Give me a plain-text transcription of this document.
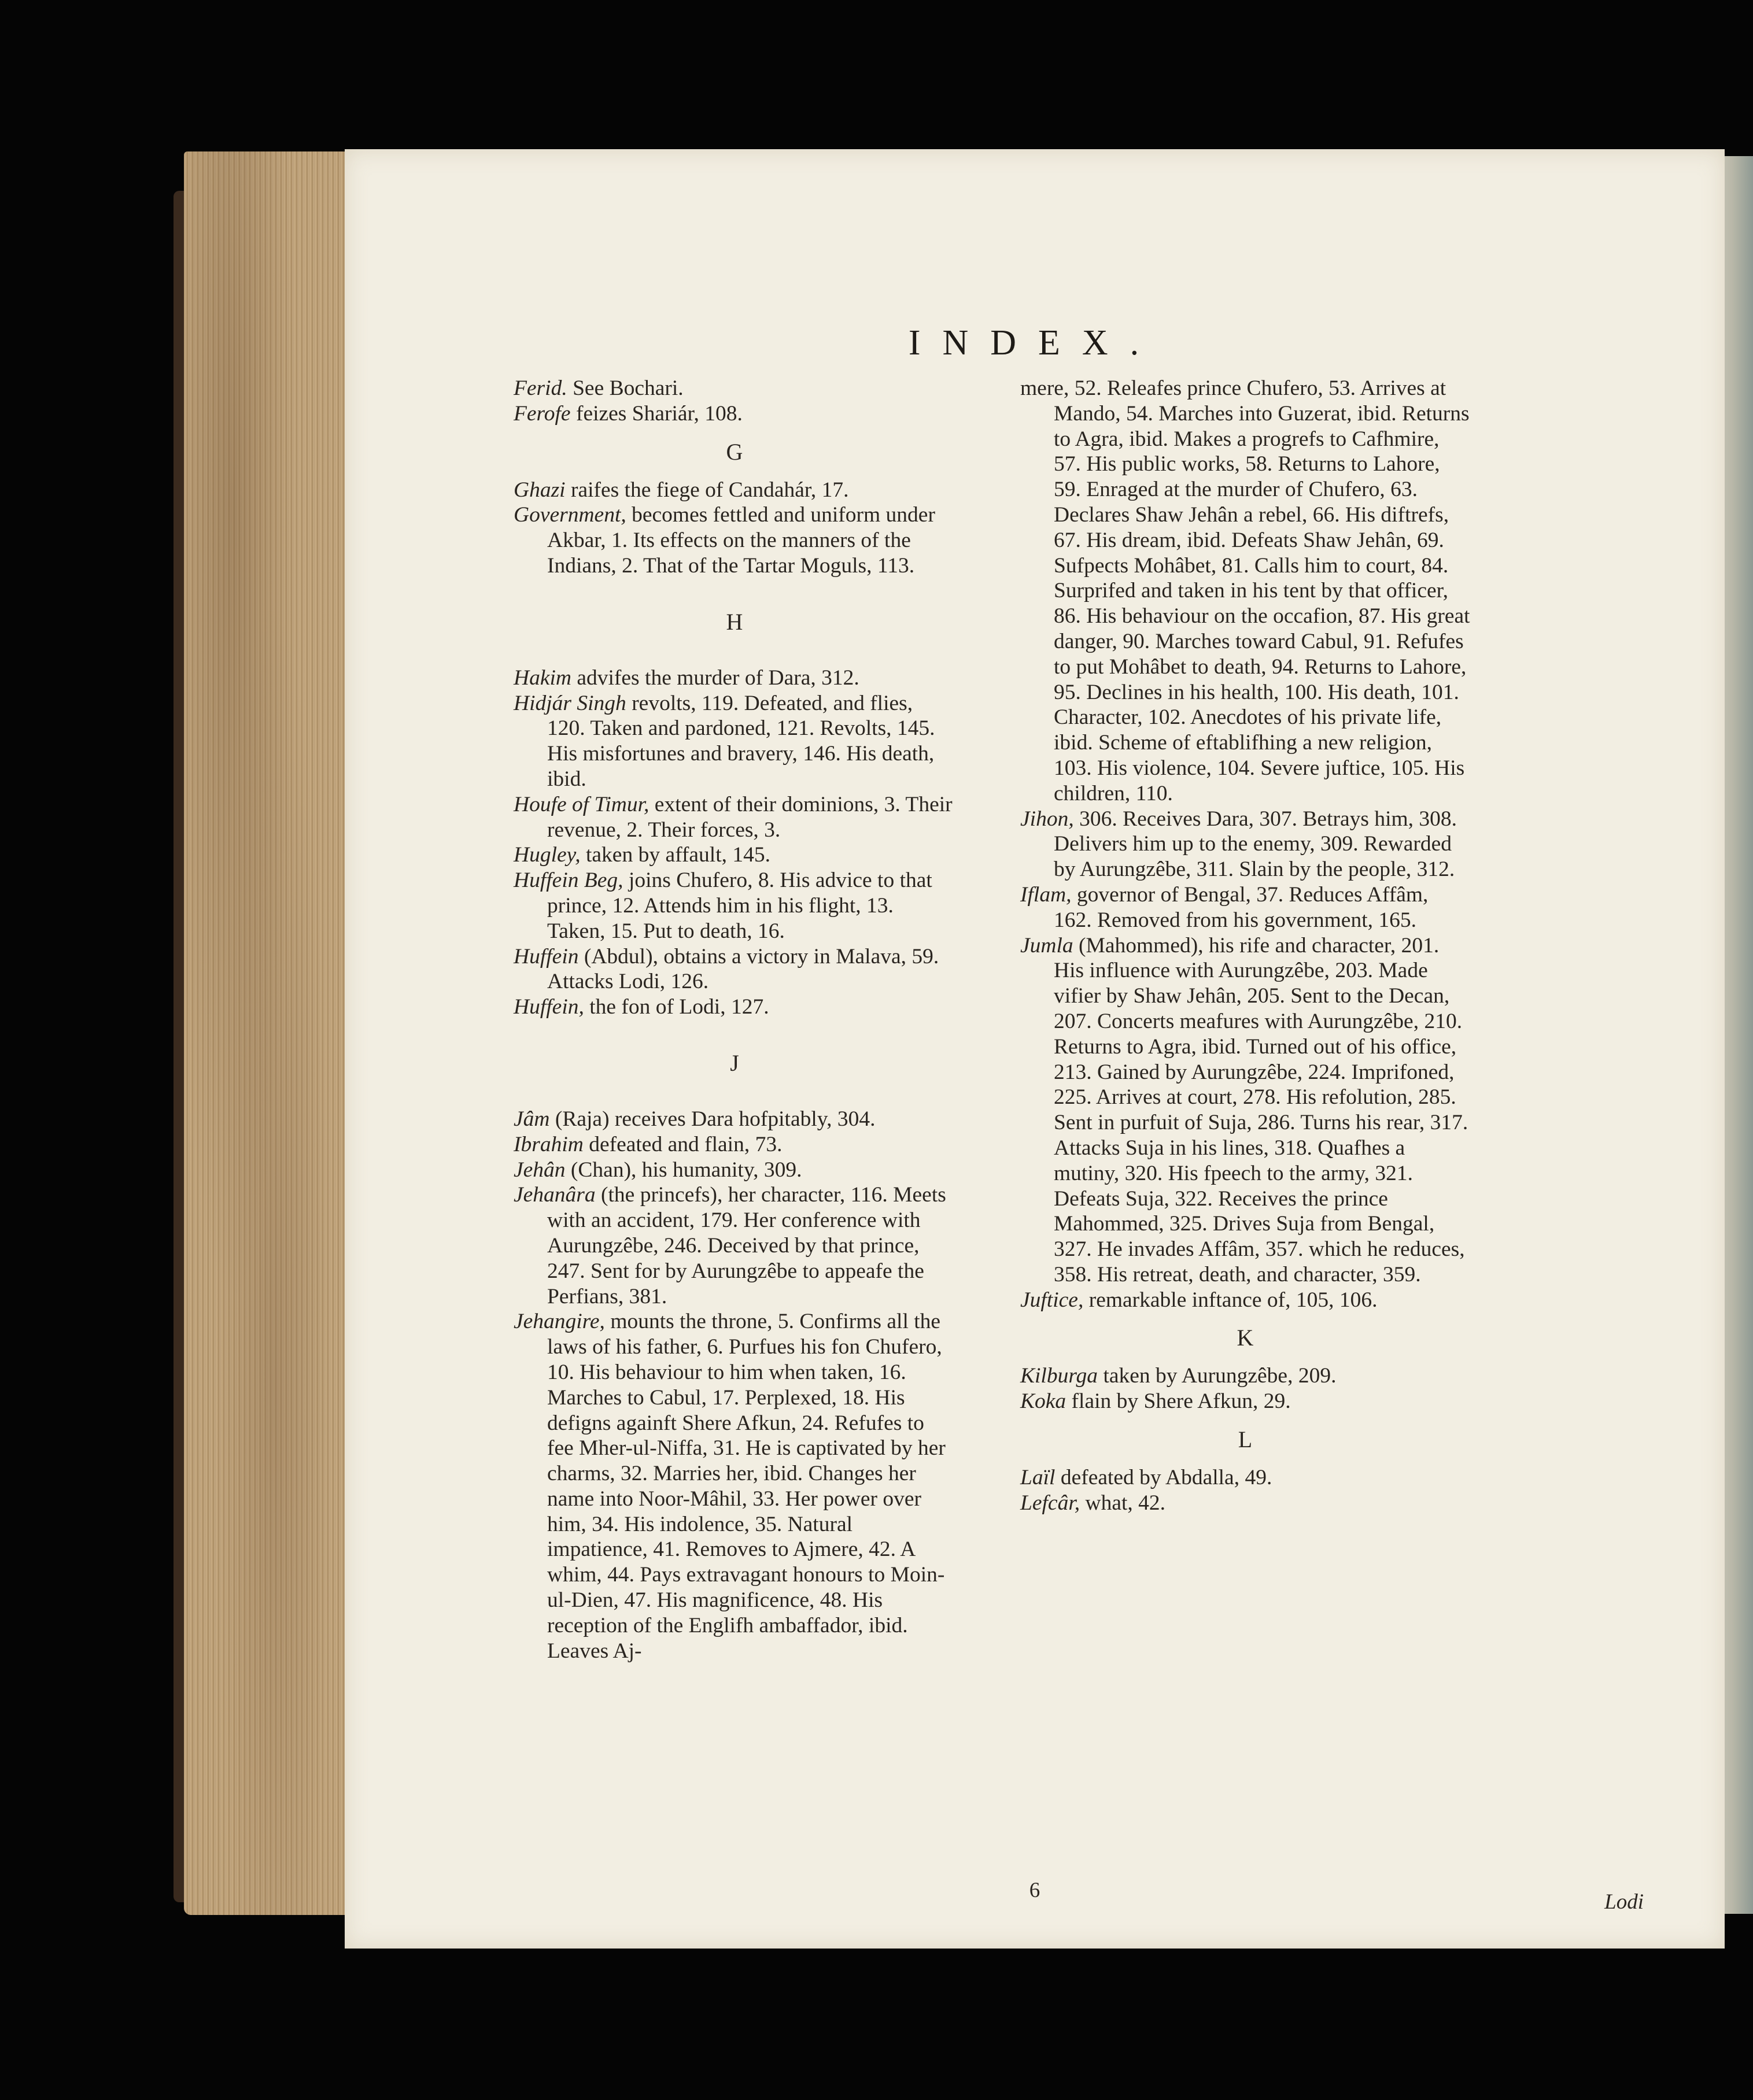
INDEX.

Ferid. See Bochari.

Ferofe feizes Shariár, 108.

G

Ghazi raifes the fiege of Candahár, 17.

Government, becomes fettled and uniform under Akbar, 1. Its effects on the manners of the Indians, 2. That of the Tartar Moguls, 113.

H

Hakim advifes the murder of Dara, 312.

Hidjár Singh revolts, 119. Defeated, and flies, 120. Taken and pardoned, 121. Revolts, 145. His misfortunes and bravery, 146. His death, ibid.

Houfe of Timur, extent of their dominions, 3. Their revenue, 2. Their forces, 3.

Hugley, taken by affault, 145.

Huffein Beg, joins Chufero, 8. His advice to that prince, 12. Attends him in his flight, 13. Taken, 15. Put to death, 16.

Huffein (Abdul), obtains a victory in Malava, 59. Attacks Lodi, 126.

Huffein, the fon of Lodi, 127.

J

Jâm (Raja) receives Dara hofpitably, 304.

Ibrahim defeated and flain, 73.

Jehân (Chan), his humanity, 309.

Jehanâra (the princefs), her character, 116. Meets with an accident, 179. Her conference with Aurungzêbe, 246. Deceived by that prince, 247. Sent for by Aurungzêbe to appeafe the Perfians, 381.

Jehangire, mounts the throne, 5. Confirms all the laws of his father, 6. Purfues his fon Chufero, 10. His behaviour to him when taken, 16. Marches to Cabul, 17. Perplexed, 18. His defigns againft Shere Afkun, 24. Refufes to fee Mher-ul-Niffa, 31. He is captivated by her charms, 32. Marries her, ibid. Changes her name into Noor-Mâhil, 33. Her power over him, 34. His indolence, 35. Natural impatience, 41. Removes to Ajmere, 42. A whim, 44. Pays extravagant honours to Moin-ul-Dien, 47. His magnificence, 48. His reception of the Englifh ambaffador, ibid. Leaves Aj-

mere, 52. Releafes prince Chufero, 53. Arrives at Mando, 54. Marches into Guzerat, ibid. Returns to Agra, ibid. Makes a progrefs to Cafhmire, 57. His public works, 58. Returns to Lahore, 59. Enraged at the murder of Chufero, 63. Declares Shaw Jehân a rebel, 66. His diftrefs, 67. His dream, ibid. Defeats Shaw Jehân, 69. Sufpects Mohâbet, 81. Calls him to court, 84. Surprifed and taken in his tent by that officer, 86. His behaviour on the occafion, 87. His great danger, 90. Marches toward Cabul, 91. Refufes to put Mohâbet to death, 94. Returns to Lahore, 95. Declines in his health, 100. His death, 101. Character, 102. Anecdotes of his private life, ibid. Scheme of eftablifhing a new religion, 103. His violence, 104. Severe juftice, 105. His children, 110.

Jihon, 306. Receives Dara, 307. Betrays him, 308. Delivers him up to the enemy, 309. Rewarded by Aurungzêbe, 311. Slain by the people, 312.

Iflam, governor of Bengal, 37. Reduces Affâm, 162. Removed from his government, 165.

Jumla (Mahommed), his rife and character, 201. His influence with Aurungzêbe, 203. Made vifier by Shaw Jehân, 205. Sent to the Decan, 207. Concerts meafures with Aurungzêbe, 210. Returns to Agra, ibid. Turned out of his office, 213. Gained by Aurungzêbe, 224. Imprifoned, 225. Arrives at court, 278. His refolution, 285. Sent in purfuit of Suja, 286. Turns his rear, 317. Attacks Suja in his lines, 318. Quafhes a mutiny, 320. His fpeech to the army, 321. Defeats Suja, 322. Receives the prince Mahommed, 325. Drives Suja from Bengal, 327. He invades Affâm, 357. which he reduces, 358. His retreat, death, and character, 359.

Juftice, remarkable inftance of, 105, 106.

K

Kilburga taken by Aurungzêbe, 209.

Koka flain by Shere Afkun, 29.

L

Laïl defeated by Abdalla, 49.

Lefcâr, what, 42.

6	Lodi
